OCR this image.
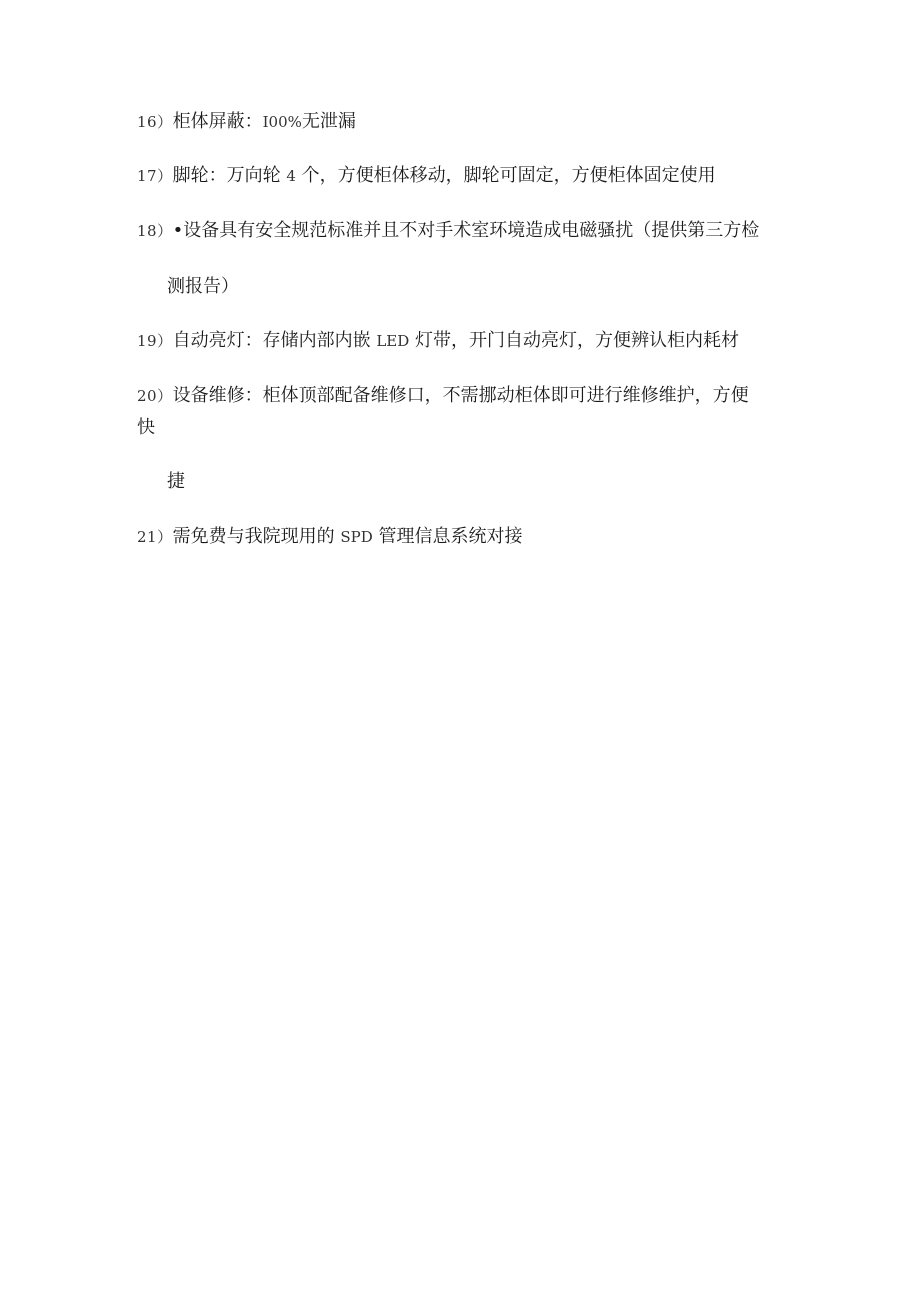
16）柜体屏蔽：I00%无泄漏
17）脚轮：万向轮 4 个，方便柜体移动，脚轮可固定，方便柜体固定使用
18）•设备具有安全规范标准并且不对手术室环境造成电磁骚扰（提供第三方检
测报告）
19）自动亮灯：存储内部内嵌 LED 灯带，开门自动亮灯，方便辨认柜内耗材
20）设备维修：柜体顶部配备维修口，不需挪动柜体即可进行维修维护，方便
快
捷
21）需免费与我院现用的 SPD 管理信息系统对接
